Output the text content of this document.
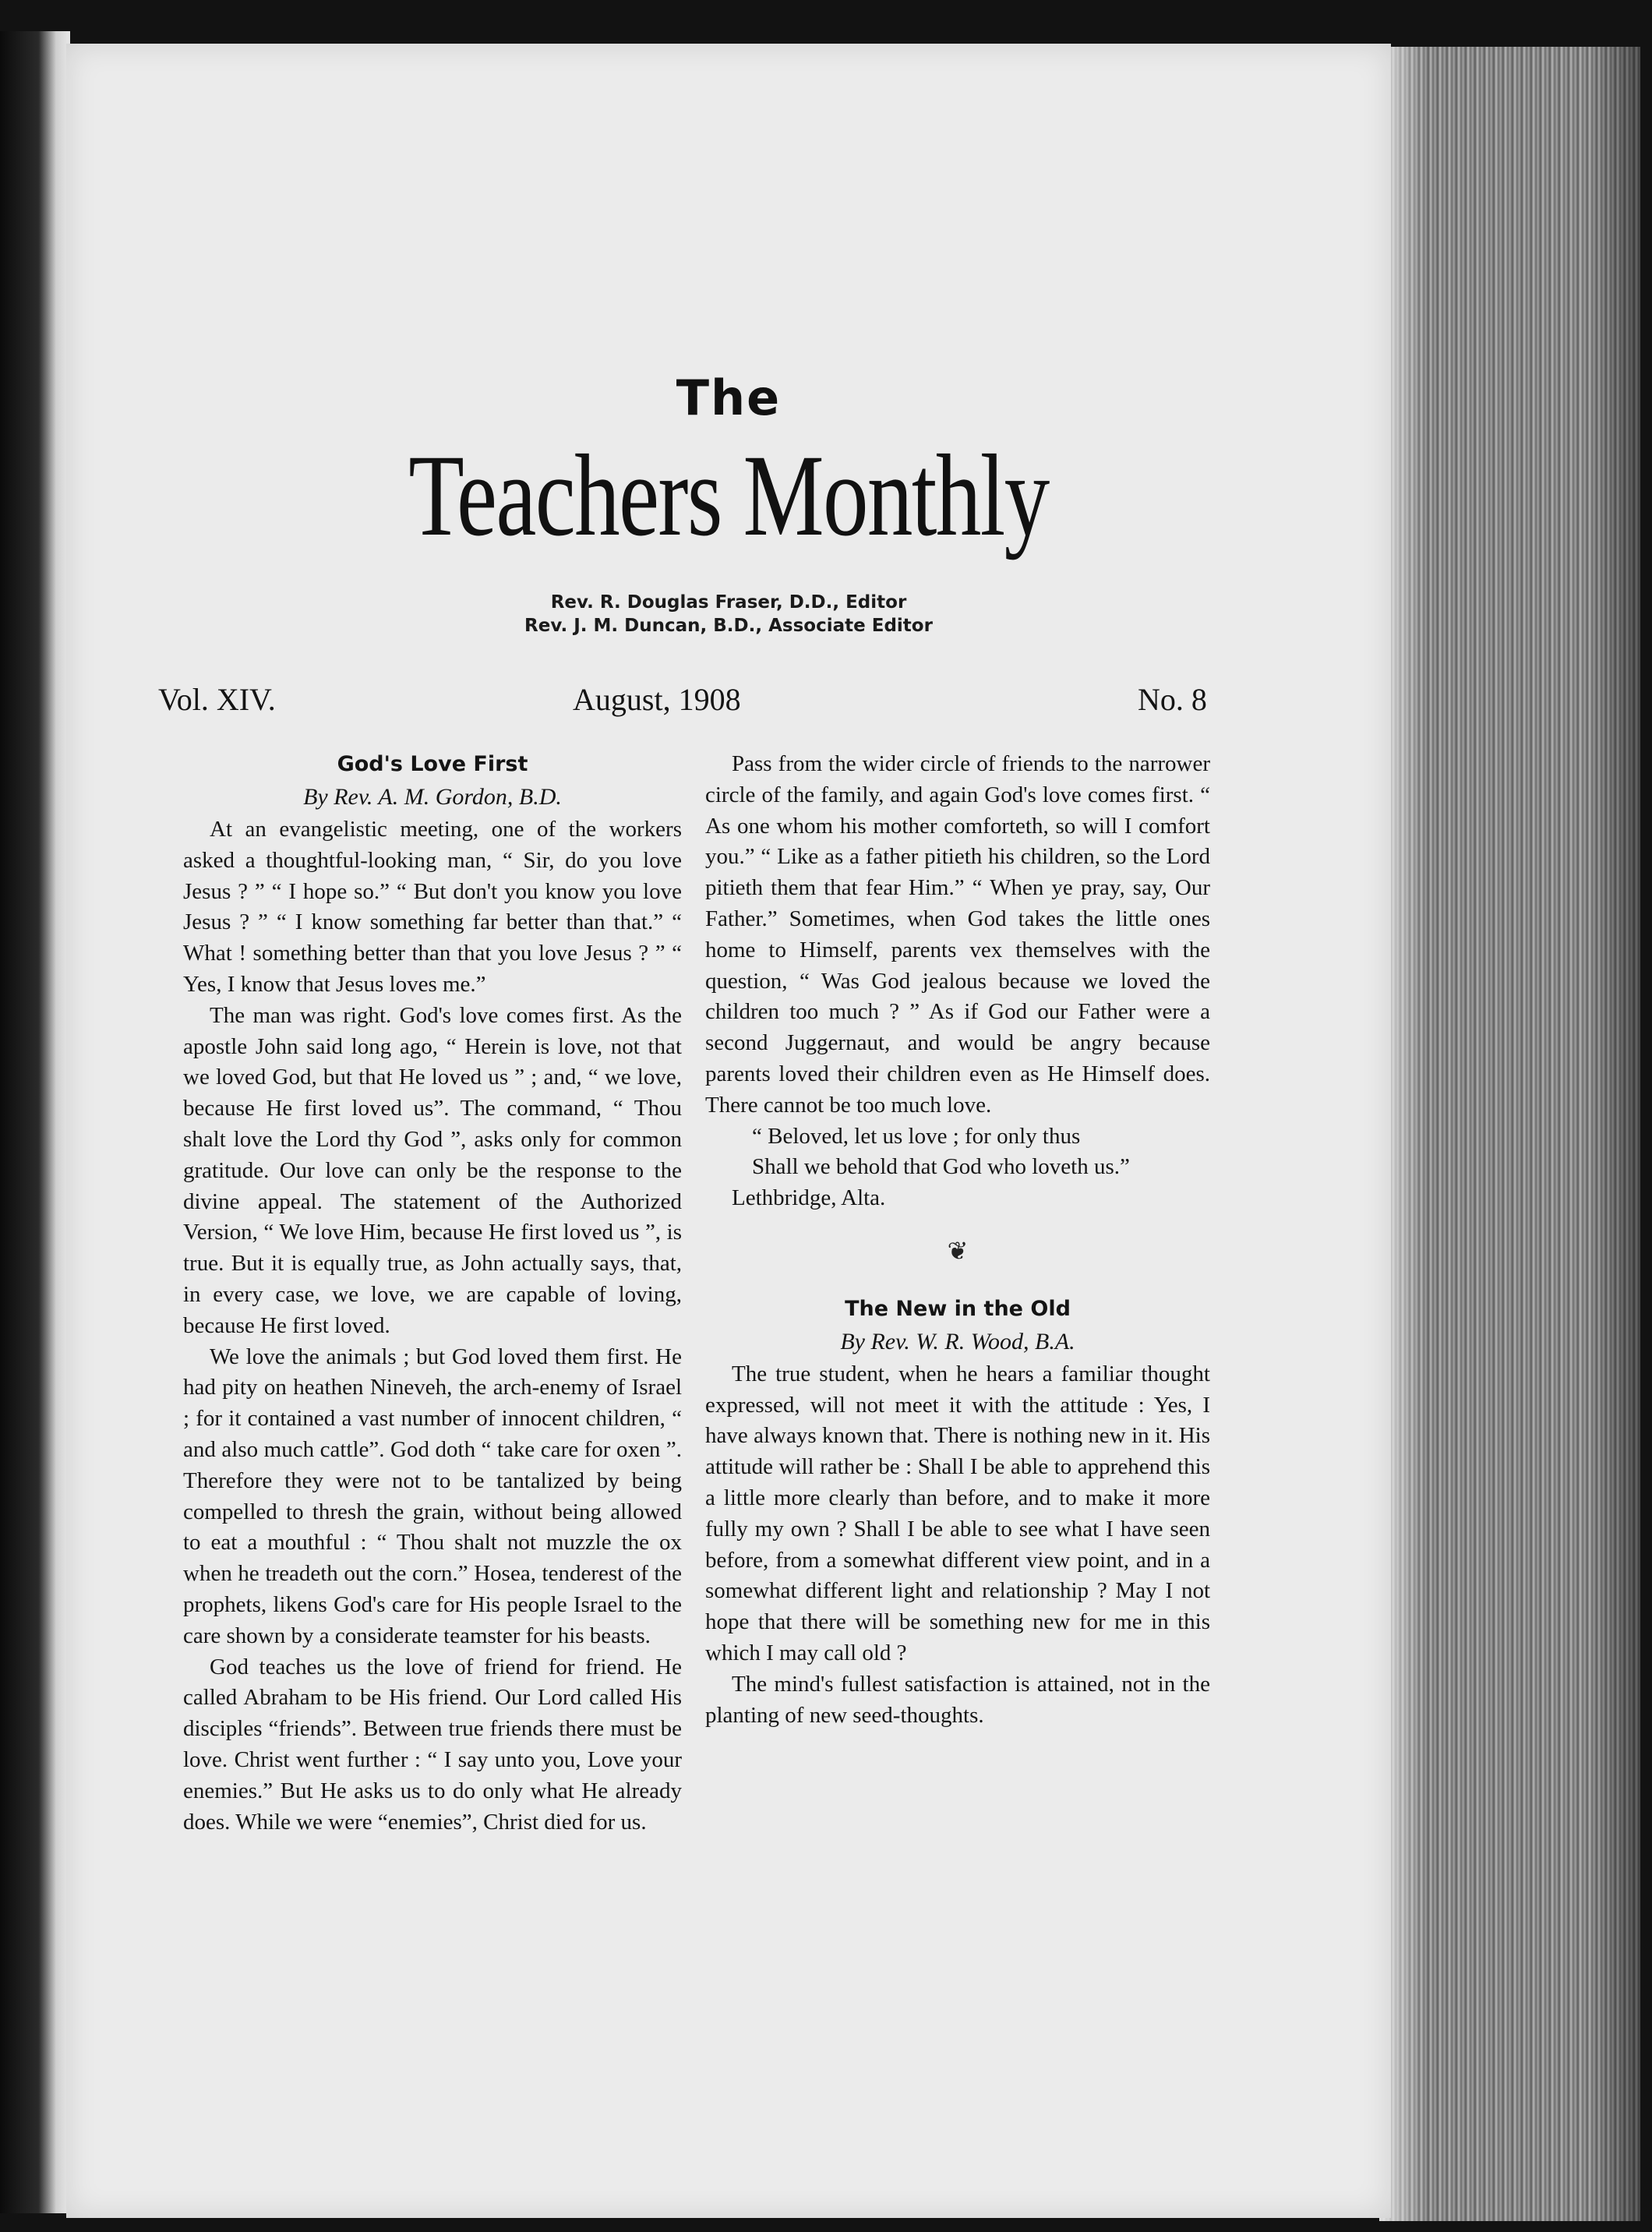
The
Teachers Monthly
Rev. R. Douglas Fraser, D.D., Editor
Rev. J. M. Duncan, B.D., Associate Editor
Vol. XIV.	August, 1908	No. 8
God's Love First
By Rev. A. M. Gordon, B.D.

At an evangelistic meeting, one of the workers asked a thoughtful-looking man, “ Sir, do you love Jesus ? ” “ I hope so.” “ But don't you know you love Jesus ? ” “ I know something far better than that.” “ What ! something better than that you love Jesus ? ” “ Yes, I know that Jesus loves me.”

The man was right. God's love comes first. As the apostle John said long ago, “ Herein is love, not that we loved God, but that He loved us ” ; and, “ we love, because He first loved us”. The command, “ Thou shalt love the Lord thy God ”, asks only for common gratitude. Our love can only be the response to the divine appeal. The statement of the Authorized Version, “ We love Him, because He first loved us ”, is true. But it is equally true, as John actually says, that, in every case, we love, we are capable of loving, because He first loved.

We love the animals ; but God loved them first. He had pity on heathen Nineveh, the arch-enemy of Israel ; for it contained a vast number of innocent children, “ and also much cattle”. God doth “ take care for oxen ”. Therefore they were not to be tantalized by being compelled to thresh the grain, without being allowed to eat a mouthful : “ Thou shalt not muzzle the ox when he treadeth out the corn.” Hosea, tenderest of the prophets, likens God's care for His people Israel to the care shown by a considerate teamster for his beasts.

God teaches us the love of friend for friend. He called Abraham to be His friend. Our Lord called His disciples “friends”. Between true friends there must be love. Christ went further : “ I say unto you, Love your enemies.” But He asks us to do only what He already does. While we were “enemies”, Christ died for us.

Pass from the wider circle of friends to the narrower circle of the family, and again God's love comes first. “ As one whom his mother comforteth, so will I comfort you.” “ Like as a father pitieth his children, so the Lord pitieth them that fear Him.” “ When ye pray, say, Our Father.” Sometimes, when God takes the little ones home to Himself, parents vex themselves with the question, “ Was God jealous because we loved the children too much ? ” As if God our Father were a second Juggernaut, and would be angry because parents loved their children even as He Himself does. There cannot be too much love.

“ Beloved, let us love ; for only thus

Shall we behold that God who loveth us.”

Lethbridge, Alta.

❦
The New in the Old
By Rev. W. R. Wood, B.A.

The true student, when he hears a familiar thought expressed, will not meet it with the attitude : Yes, I have always known that. There is nothing new in it. His attitude will rather be : Shall I be able to apprehend this a little more clearly than before, and to make it more fully my own ? Shall I be able to see what I have seen before, from a somewhat different view point, and in a somewhat different light and relationship ? May I not hope that there will be something new for me in this which I may call old ?

The mind's fullest satisfaction is attained, not in the planting of new seed-thoughts.
